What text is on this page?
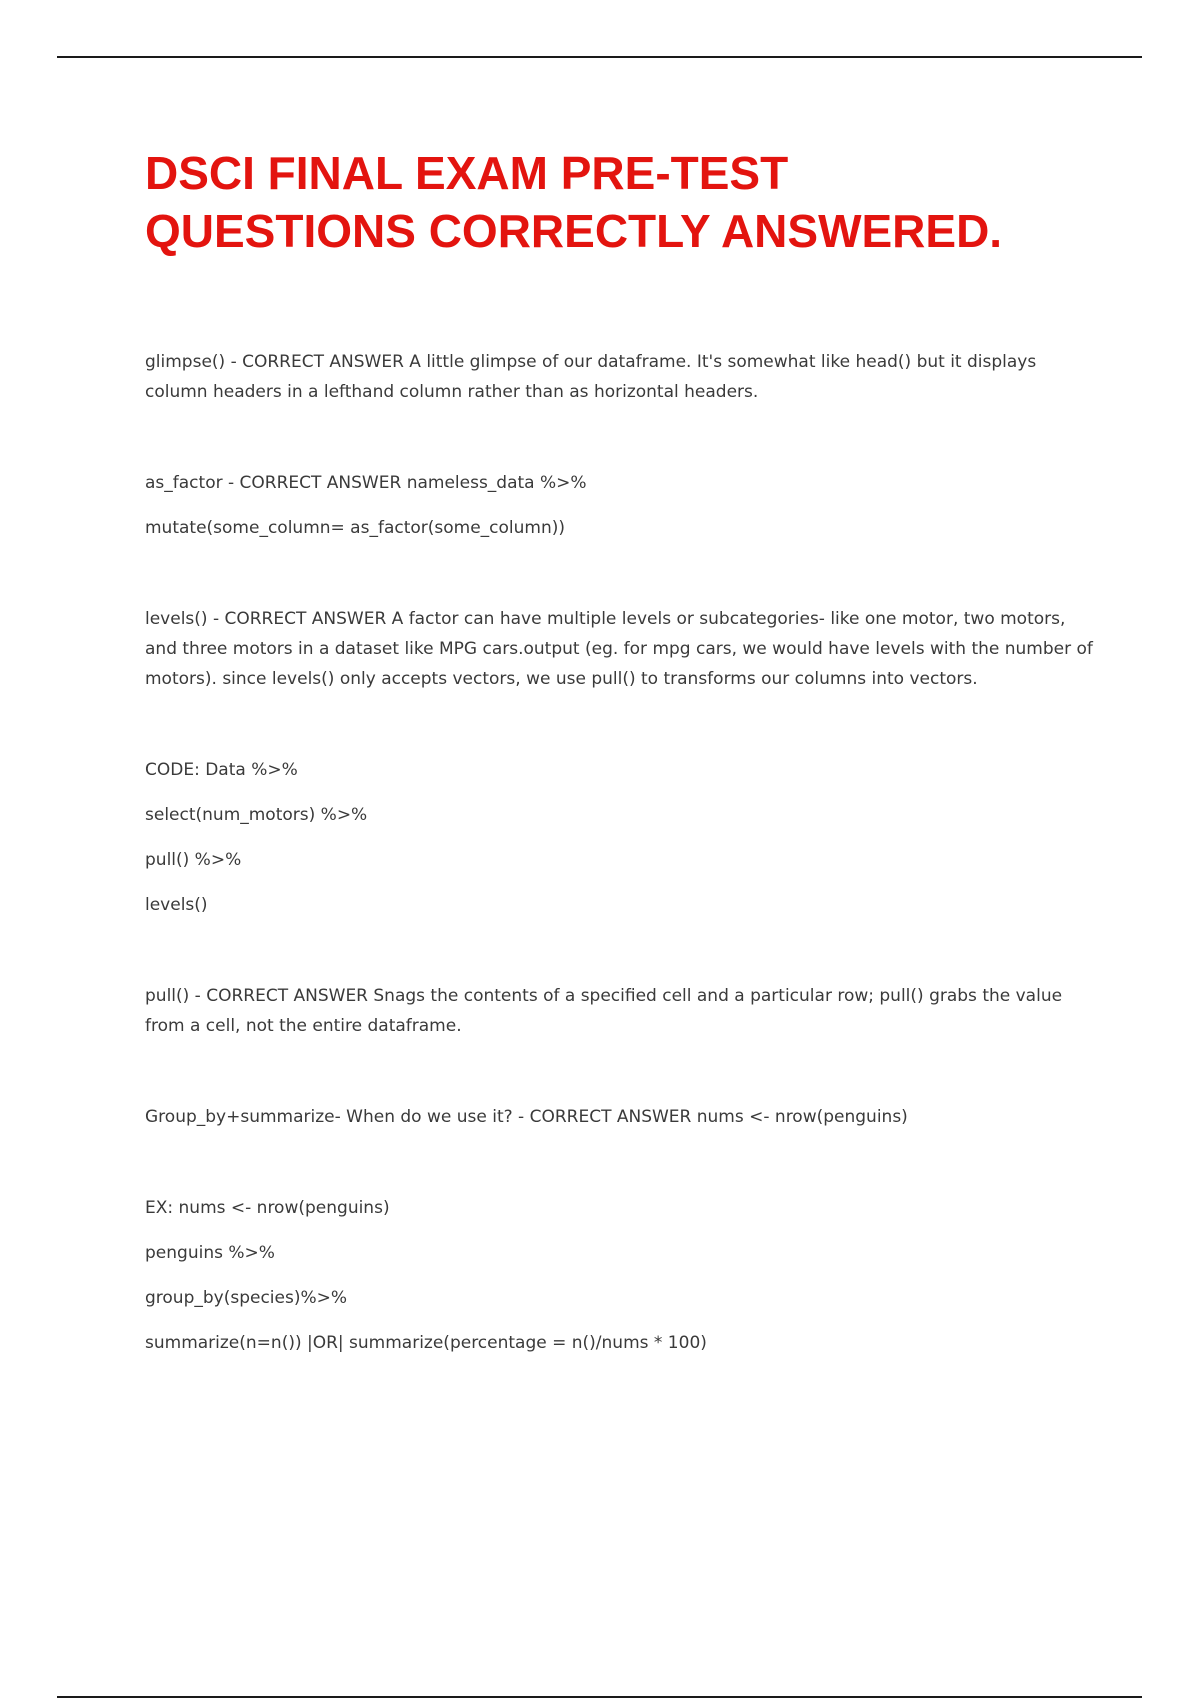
DSCI FINAL EXAM PRE-TEST
QUESTIONS CORRECTLY ANSWERED.

glimpse() - CORRECT ANSWER A little glimpse of our dataframe. It's somewhat like head() but it displays column headers in a lefthand column rather than as horizontal headers.

as_factor - CORRECT ANSWER nameless_data %>%

mutate(some_column= as_factor(some_column))

levels() - CORRECT ANSWER A factor can have multiple levels or subcategories- like one motor, two motors, and three motors in a dataset like MPG cars.output (eg. for mpg cars, we would have levels with the number of motors). since levels() only accepts vectors, we use pull() to transforms our columns into vectors.

CODE: Data %>%

select(num_motors) %>%

pull() %>%

levels()

pull() - CORRECT ANSWER Snags the contents of a specified cell and a particular row; pull() grabs the value from a cell, not the entire dataframe.

Group_by+summarize- When do we use it? - CORRECT ANSWER nums <- nrow(penguins)

EX: nums <- nrow(penguins)

penguins %>%

group_by(species)%>%

summarize(n=n()) |OR| summarize(percentage = n()/nums * 100)
